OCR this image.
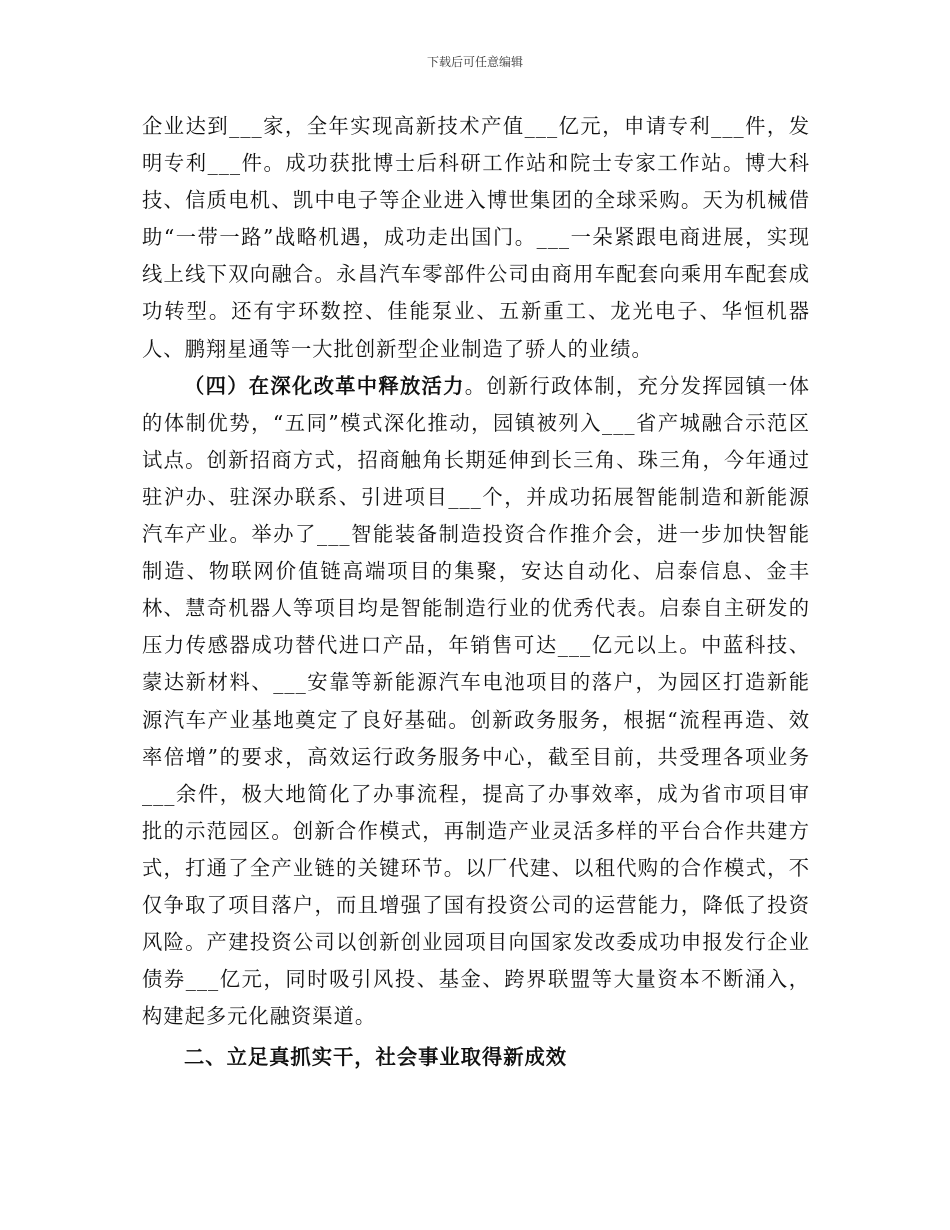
下载后可任意编辑

企业达到___家，全年实现高新技术产值___亿元，申请专利___件，发明专利___件。成功获批博士后科研工作站和院士专家工作站。博大科技、信质电机、凯中电子等企业进入博世集团的全球采购。天为机械借助“一带一路”战略机遇，成功走出国门。___一朵紧跟电商进展，实现线上线下双向融合。永昌汽车零部件公司由商用车配套向乘用车配套成功转型。还有宇环数控、佳能泵业、五新重工、龙光电子、华恒机器人、鹏翔星通等一大批创新型企业制造了骄人的业绩。

（四）在深化改革中释放活力。创新行政体制，充分发挥园镇一体的体制优势，“五同”模式深化推动，园镇被列入___省产城融合示范区试点。创新招商方式，招商触角长期延伸到长三角、珠三角，今年通过驻沪办、驻深办联系、引进项目___个，并成功拓展智能制造和新能源汽车产业。举办了___智能装备制造投资合作推介会，进一步加快智能制造、物联网价值链高端项目的集聚，安达自动化、启泰信息、金丰林、慧奇机器人等项目均是智能制造行业的优秀代表。启泰自主研发的压力传感器成功替代进口产品，年销售可达___亿元以上。中蓝科技、蒙达新材料、___安靠等新能源汽车电池项目的落户，为园区打造新能源汽车产业基地奠定了良好基础。创新政务服务，根据“流程再造、效率倍增”的要求，高效运行政务服务中心，截至目前，共受理各项业务___余件，极大地简化了办事流程，提高了办事效率，成为省市项目审批的示范园区。创新合作模式，再制造产业灵活多样的平台合作共建方式，打通了全产业链的关键环节。以厂代建、以租代购的合作模式，不仅争取了项目落户，而且增强了国有投资公司的运营能力，降低了投资风险。产建投资公司以创新创业园项目向国家发改委成功申报发行企业债券___亿元，同时吸引风投、基金、跨界联盟等大量资本不断涌入，构建起多元化融资渠道。

二、立足真抓实干，社会事业取得新成效
